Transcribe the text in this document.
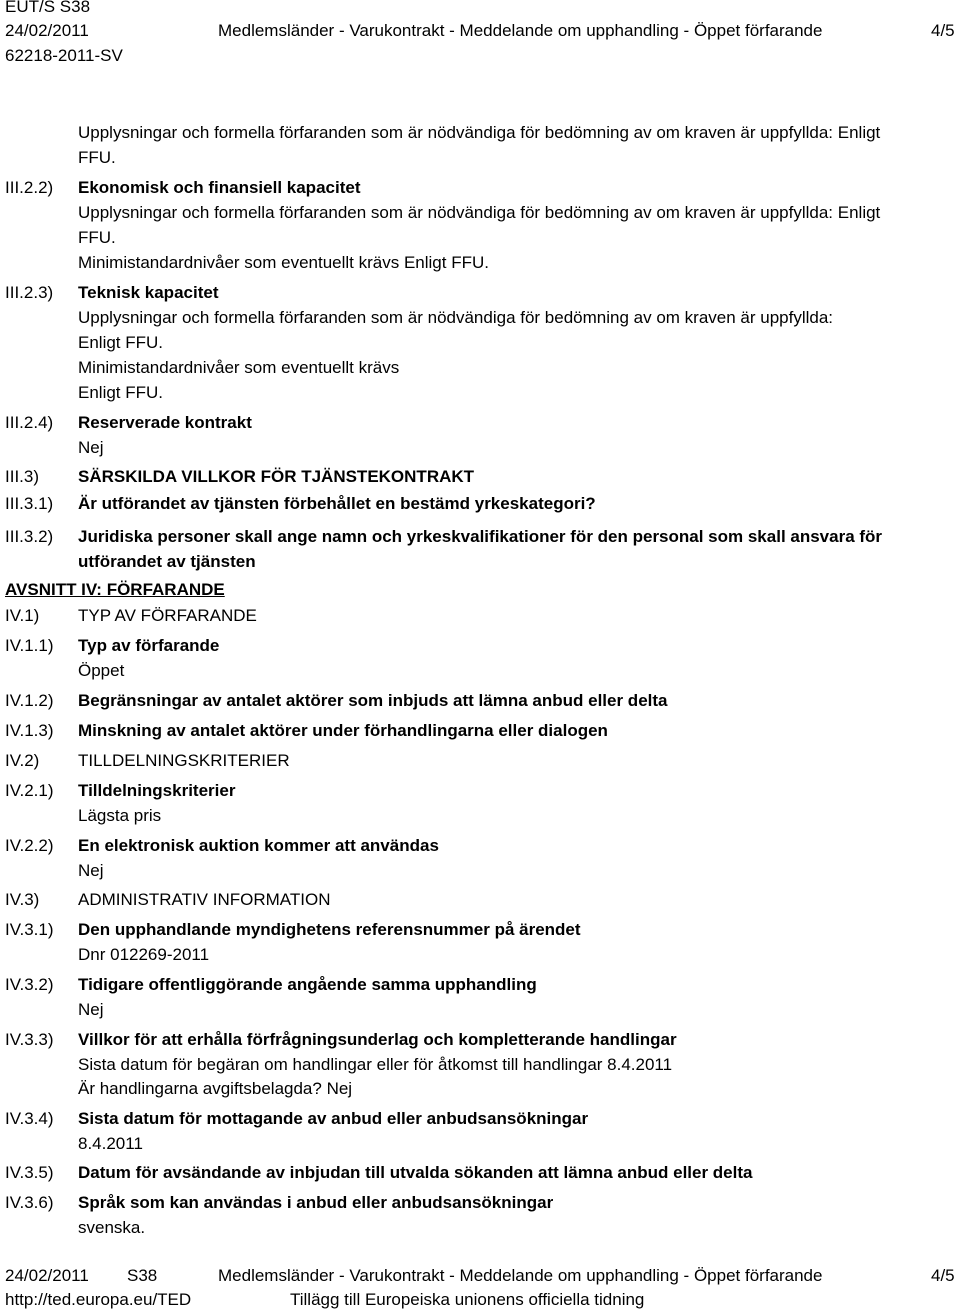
EUT/S S38
24/02/2011
62218-2011-SV
Medlemsländer - Varukontrakt - Meddelande om upphandling - Öppet förfarande	4/5
Upplysningar och formella förfaranden som är nödvändiga för bedömning av om kraven är uppfyllda: Enligt
FFU.
III.2.2) Ekonomisk och finansiell kapacitet
Upplysningar och formella förfaranden som är nödvändiga för bedömning av om kraven är uppfyllda: Enligt
FFU.
Minimistandardnivåer som eventuellt krävs Enligt FFU.
III.2.3) Teknisk kapacitet
Upplysningar och formella förfaranden som är nödvändiga för bedömning av om kraven är uppfyllda:
Enligt FFU.
Minimistandardnivåer som eventuellt krävs
Enligt FFU.
III.2.4) Reserverade kontrakt
Nej
III.3) SÄRSKILDA VILLKOR FÖR TJÄNSTEKONTRAKT
III.3.1) Är utförandet av tjänsten förbehållet en bestämd yrkeskategori?
III.3.2) Juridiska personer skall ange namn och yrkeskvalifikationer för den personal som skall ansvara för
utförandet av tjänsten
AVSNITT IV: FÖRFARANDE
IV.1) TYP AV FÖRFARANDE
IV.1.1) Typ av förfarande
Öppet
IV.1.2) Begränsningar av antalet aktörer som inbjuds att lämna anbud eller delta
IV.1.3) Minskning av antalet aktörer under förhandlingarna eller dialogen
IV.2) TILLDELNINGSKRITERIER
IV.2.1) Tilldelningskriterier
Lägsta pris
IV.2.2) En elektronisk auktion kommer att användas
Nej
IV.3) ADMINISTRATIV INFORMATION
IV.3.1) Den upphandlande myndighetens referensnummer på ärendet
Dnr 012269-2011
IV.3.2) Tidigare offentliggörande angående samma upphandling
Nej
IV.3.3) Villkor för att erhålla förfrågningsunderlag och kompletterande handlingar
Sista datum för begäran om handlingar eller för åtkomst till handlingar 8.4.2011
Är handlingarna avgiftsbelagda? Nej
IV.3.4) Sista datum för mottagande av anbud eller anbudsansökningar
8.4.2011
IV.3.5) Datum för avsändande av inbjudan till utvalda sökanden att lämna anbud eller delta
IV.3.6) Språk som kan användas i anbud eller anbudsansökningar
svenska.
24/02/2011 S38	Medlemsländer - Varukontrakt - Meddelande om upphandling - Öppet förfarande	4/5
http://ted.europa.eu/TED	Tillägg till Europeiska unionens officiella tidning
